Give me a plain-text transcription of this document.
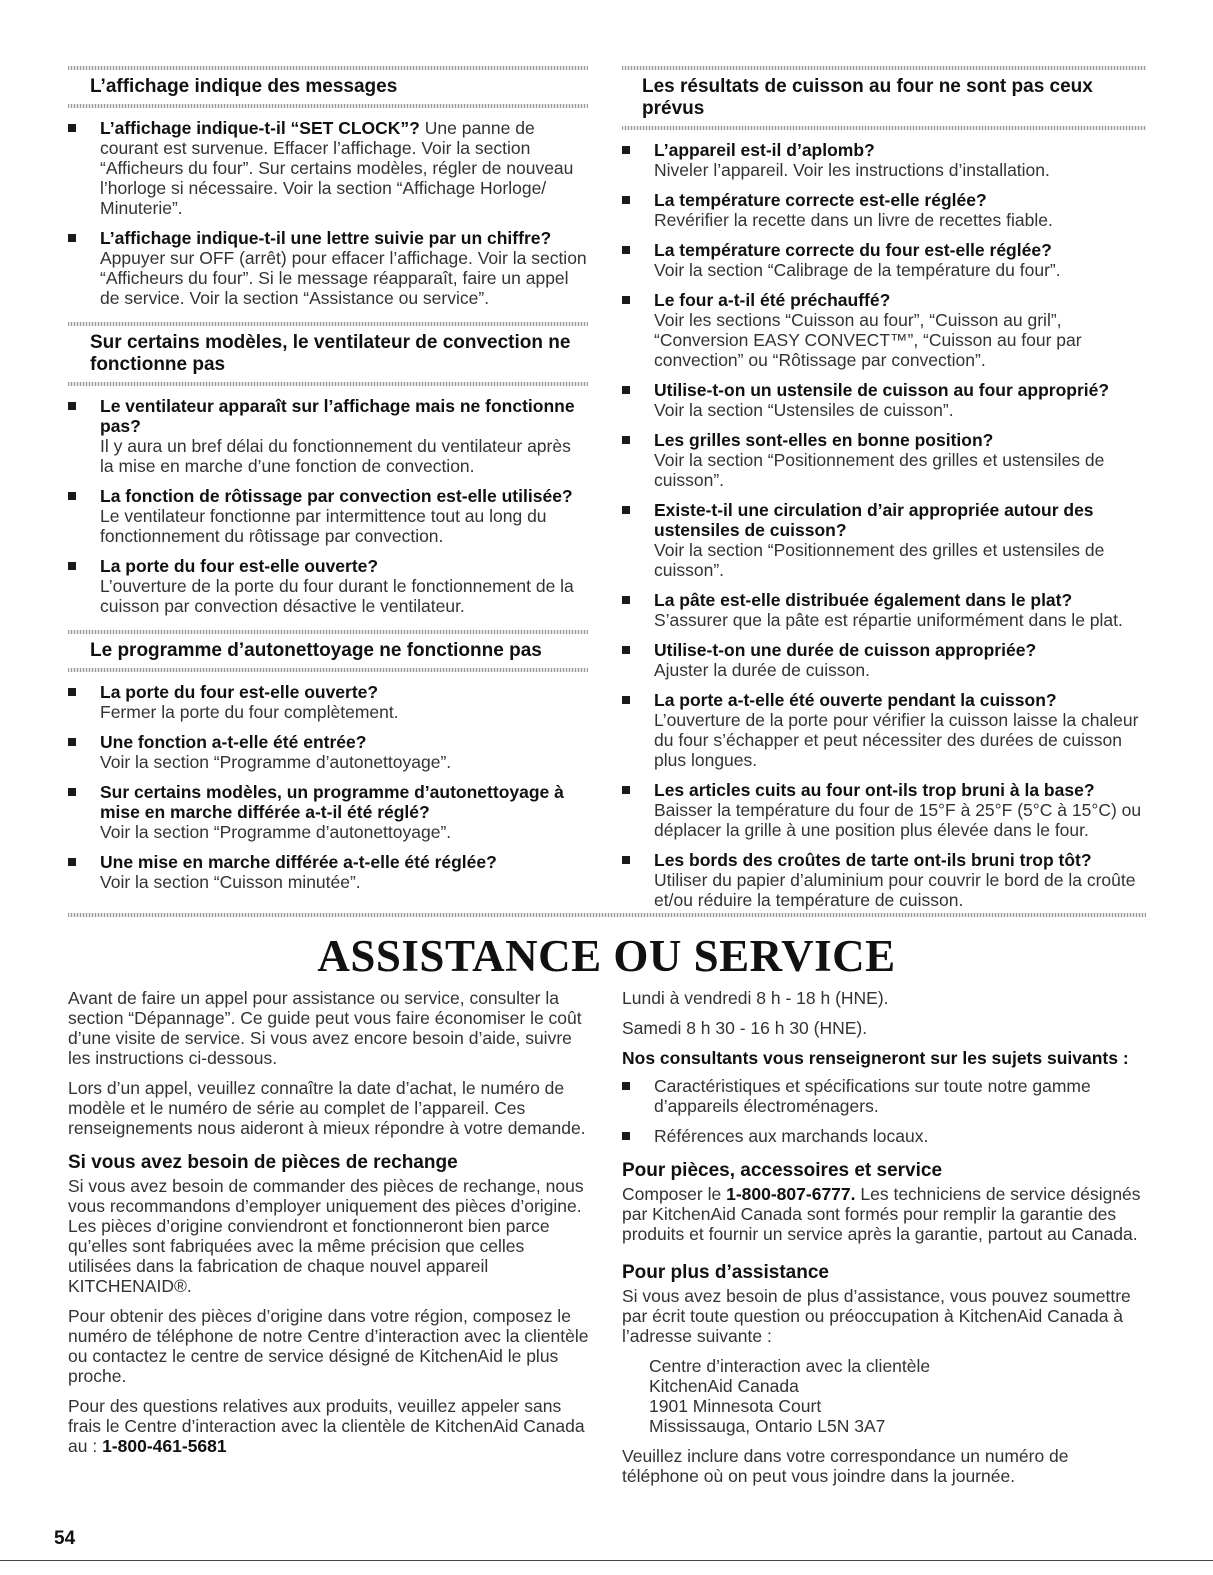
L’affichage indique des messages
L’affichage indique-t-il “SET CLOCK”? Une panne de courant est survenue. Effacer l’affichage. Voir la section “Afficheurs du four”. Sur certains modèles, régler de nouveau l’horloge si nécessaire. Voir la section “Affichage Horloge/ Minuterie”.
L’affichage indique-t-il une lettre suivie par un chiffre?
Appuyer sur OFF (arrêt) pour effacer l’affichage. Voir la section “Afficheurs du four”. Si le message réapparaît, faire un appel de service. Voir la section “Assistance ou service”.
Sur certains modèles, le ventilateur de convection ne fonctionne pas
Le ventilateur apparaît sur l’affichage mais ne fonctionne pas?
Il y aura un bref délai du fonctionnement du ventilateur après la mise en marche d’une fonction de convection.
La fonction de rôtissage par convection est-elle utilisée?
Le ventilateur fonctionne par intermittence tout au long du fonctionnement du rôtissage par convection.
La porte du four est-elle ouverte?
L’ouverture de la porte du four durant le fonctionnement de la cuisson par convection désactive le ventilateur.
Le programme d’autonettoyage ne fonctionne pas
La porte du four est-elle ouverte?
Fermer la porte du four complètement.
Une fonction a-t-elle été entrée?
Voir la section “Programme d’autonettoyage”.
Sur certains modèles, un programme d’autonettoyage à mise en marche différée a-t-il été réglé?
Voir la section “Programme d’autonettoyage”.
Une mise en marche différée a-t-elle été réglée?
Voir la section “Cuisson minutée”.
Les résultats de cuisson au four ne sont pas ceux prévus
L’appareil est-il d’aplomb?
Niveler l’appareil. Voir les instructions d’installation.
La température correcte est-elle réglée?
Revérifier la recette dans un livre de recettes fiable.
La température correcte du four est-elle réglée?
Voir la section “Calibrage de la température du four”.
Le four a-t-il été préchauffé?
Voir les sections “Cuisson au four”, “Cuisson au gril”, “Conversion EASY CONVECT™”, “Cuisson au four par convection” ou “Rôtissage par convection”.
Utilise-t-on un ustensile de cuisson au four approprié?
Voir la section “Ustensiles de cuisson”.
Les grilles sont-elles en bonne position?
Voir la section “Positionnement des grilles et ustensiles de cuisson”.
Existe-t-il une circulation d’air appropriée autour des ustensiles de cuisson?
Voir la section “Positionnement des grilles et ustensiles de cuisson”.
La pâte est-elle distribuée également dans le plat?
S’assurer que la pâte est répartie uniformément dans le plat.
Utilise-t-on une durée de cuisson appropriée?
Ajuster la durée de cuisson.
La porte a-t-elle été ouverte pendant la cuisson?
L’ouverture de la porte pour vérifier la cuisson laisse la chaleur du four s’échapper et peut nécessiter des durées de cuisson plus longues.
Les articles cuits au four ont-ils trop bruni à la base?
Baisser la température du four de 15°F à 25°F (5°C à 15°C) ou déplacer la grille à une position plus élevée dans le four.
Les bords des croûtes de tarte ont-ils bruni trop tôt?
Utiliser du papier d’aluminium pour couvrir le bord de la croûte et/ou réduire la température de cuisson.
ASSISTANCE OU SERVICE

Avant de faire un appel pour assistance ou service, consulter la section “Dépannage”. Ce guide peut vous faire économiser le coût d’une visite de service. Si vous avez encore besoin d’aide, suivre les instructions ci-dessous.

Lors d’un appel, veuillez connaître la date d’achat, le numéro de modèle et le numéro de série au complet de l’appareil. Ces renseignements nous aideront à mieux répondre à votre demande.

Si vous avez besoin de pièces de rechange

Si vous avez besoin de commander des pièces de rechange, nous vous recommandons d’employer uniquement des pièces d’origine. Les pièces d’origine conviendront et fonctionneront bien parce qu’elles sont fabriquées avec la même précision que celles utilisées dans la fabrication de chaque nouvel appareil KITCHENAID®.

Pour obtenir des pièces d’origine dans votre région, composez le numéro de téléphone de notre Centre d’interaction avec la clientèle ou contactez le centre de service désigné de KitchenAid le plus proche.

Pour des questions relatives aux produits, veuillez appeler sans frais le Centre d’interaction avec la clientèle de KitchenAid Canada au : 1-800-461-5681

Lundi à vendredi 8 h - 18 h (HNE).

Samedi 8 h 30 - 16 h 30 (HNE).

Nos consultants vous renseigneront sur les sujets suivants :
Caractéristiques et spécifications sur toute notre gamme d’appareils électroménagers.
Références aux marchands locaux.
Pour pièces, accessoires et service

Composer le 1-800-807-6777. Les techniciens de service désignés par KitchenAid Canada sont formés pour remplir la garantie des produits et fournir un service après la garantie, partout au Canada.

Pour plus d’assistance

Si vous avez besoin de plus d’assistance, vous pouvez soumettre par écrit toute question ou préoccupation à KitchenAid Canada à l’adresse suivante :

Centre d’interaction avec la clientèle
KitchenAid Canada
1901 Minnesota Court
Mississauga, Ontario L5N 3A7

Veuillez inclure dans votre correspondance un numéro de téléphone où on peut vous joindre dans la journée.

54
